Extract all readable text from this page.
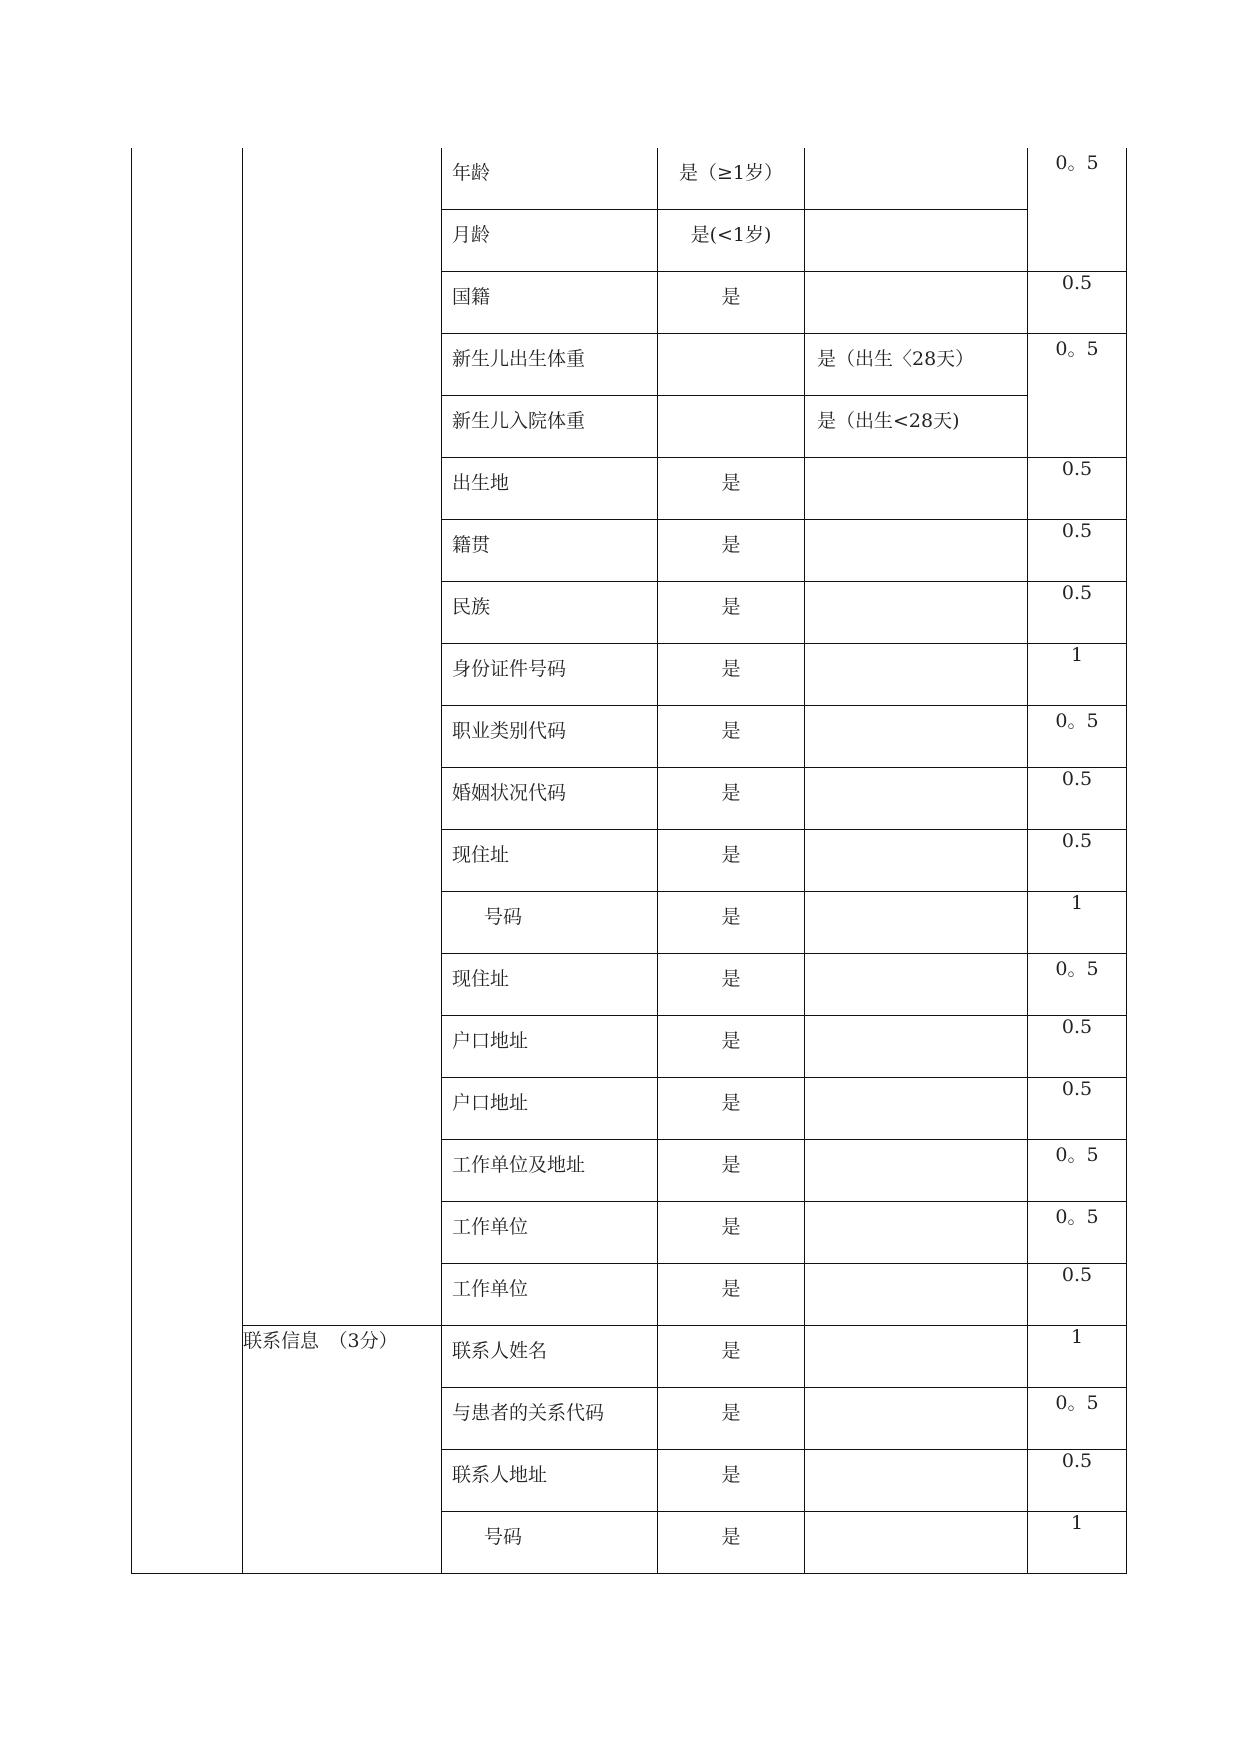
		年龄	是（≥1岁）		0。5

		月龄	是(<1岁)		

		国籍	是		0.5

		新生儿出生体重		是（出生〈28天）	0。5

		新生儿入院体重		是（出生<28天)	

		出生地	是		0.5

		籍贯	是		0.5

		民族	是		0.5

		身份证件号码	是		1

		职业类别代码	是		0。5

		婚姻状况代码	是		0.5

		现住址	是		0.5

		号码	是		1

		现住址	是		0。5

		户口地址	是		0.5

		户口地址	是		0.5

		工作单位及地址	是		0。5

		工作单位	是		0。5

		工作单位	是		0.5
	联系信息　（3分）	联系人姓名	是		1

		与患者的关系代码	是		0。5

		联系人地址	是		0.5

		号码	是		1
